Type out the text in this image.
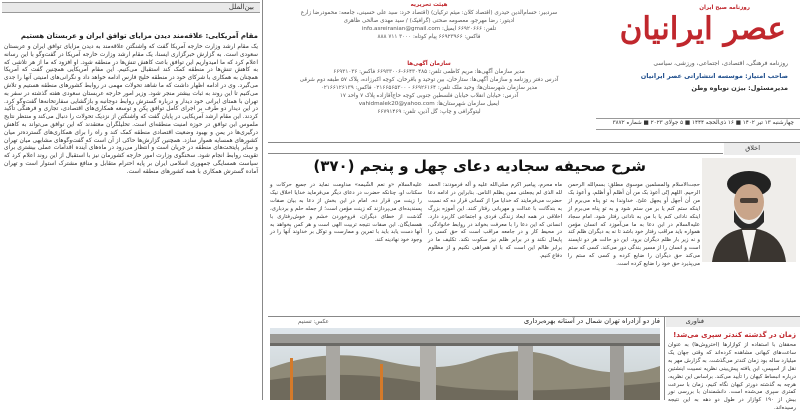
بین‌الملل
مقام آمریکایی: علاقه‌مند دیدن مزایای توافق ایران و عربستان هستیم
یک مقام ارشد وزارت خارجه آمریکا گفت که واشنگتن علاقه‌مند به دیدن مزایای توافق ایران و عربستان سعودی است. به گزارش خبرگزاری ایسنا، یک مقام ارشد وزارت خارجه آمریکا در گفت‌وگو با این رسانه اعلام کرد که ما امیدواریم این توافق باعث کاهش تنش‌ها در منطقه شود. او افزود که ما از هر تلاشی که به کاهش تنش‌ها در منطقه کمک کند استقبال می‌کنیم. این مقام آمریکایی همچنین گفت که آمریکا همچنان به همکاری با شرکای خود در منطقه خلیج فارس ادامه خواهد داد و نگرانی‌های امنیتی آنها را جدی می‌گیرد. وی در ادامه اظهار داشت که ما شاهد تحولات مهمی در روابط کشورهای منطقه هستیم و تلاش می‌کنیم تا این روند به ثبات بیشتر منجر شود. وزیر امور خارجه عربستان سعودی هفته گذشته در سفر به تهران با همتای ایرانی خود دیدار و درباره گسترش روابط دوجانبه و بازگشایی سفارتخانه‌ها گفت‌وگو کرد. در این دیدار دو طرف بر اجرای کامل توافق پکن و توسعه همکاری‌های اقتصادی، تجاری و فرهنگی تأکید کردند. این مقام ارشد آمریکایی در پایان گفت که واشنگتن از نزدیک تحولات را دنبال می‌کند و منتظر نتایج ملموس این توافق در حوزه امنیت منطقه‌ای است. تحلیلگران معتقدند که این توافق می‌تواند به کاهش درگیری‌ها در یمن و بهبود وضعیت اقتصادی منطقه کمک کند و راه را برای همکاری‌های گسترده‌تر میان کشورهای همسایه هموار سازد. همچنین گزارش‌ها حاکی از آن است که گفت‌وگوهای مشابهی میان تهران و سایر پایتخت‌های منطقه در جریان است و انتظار می‌رود در ماه‌های آینده اقدامات عملی بیشتری برای تقویت روابط انجام شود. سخنگوی وزارت امور خارجه کشورمان نیز با استقبال از این روند اعلام کرد که سیاست همسایگی جمهوری اسلامی ایران بر پایه احترام متقابل و منافع مشترک استوار است و تهران آماده گسترش همکاری با همه کشورهای منطقه است.
هیئت تحریریه
سردبیر: حسام‌الدین حیدری (اقتصاد کلان: میثم ترکیان) (اقتصاد خرد: سید علی حسینی، جامعه: محمودرضا زارع
ادیتور: رضا مهرجو، معصومه صحتی (گرافیک) / سید مهدی صالحی ظاهری
تلفن: ۶۶۹۲۰۶۶۶ ایمیل: info.asreiranian@gmail.com
فاکس: ۶۶۹۲۳۹۶۶ پیام کوتاه: ۳۰۰۰ ۷۱۱ ۸۸۸
سازمان آگهی‌ها
مدیر سازمان آگهی‌ها: مریم کاظمی تلفن: ۶۶۴۳۰۴۸۵-۶۶۹۳۳۰۰۶ فاکس: ۶۶۹۳۱۰۳۶
آدرس دفتر روزنامه و سازمان آگهی‌ها: ستارخان، بین توحید و باقرخان، کوچه اکبرزاده، پلاک ۵۷ طبقه دوم شرقی
مدیر سازمان شهرستان‌ها: وحید ملک تلفن: ۶۶۹۲۶۱۶۴ - ۰۲۱۶۶۵۶۵۳۰۰ فاکس: ۰۲۱۶۶۱۲۶۱۳۹
آدرس: خیابان انقلاب خیابان فلسطین جنوبی کوچه حاج‌آقازاده پلاک ۷ واحد ۱۷
ایمیل سازمان شهرستان‌ها: vahidmalek20@yahoo.com
لیتوگرافی و چاپ: گل آذین، تلفن: ۶۶۷۹۱۴۶۹
روزنامه صبح ایران
عصر ایرانیان
روزنامه فرهنگی، اقتصادی، اجتماعی، ورزشی، سیاسی
صاحب امتیاز: موسسه انتشاراتی عصر ایرانیان
مدیرمسئول: بیژن نوباوه وطن
چهارشنبه ۱۳ تیر ۱۴۰۲ ■ ۱۶ ذی‌الحجه ۱۴۴۴ ■ ۵ جولای ۲۰۲۳ ■ شماره ۳۸۷۲
اخلاق
شرح صحیفه سجادیه دعای چهل و پنجم (۳۷۰)
حجت‌الاسلام والمسلمین موسوی مطلق: بسم‌الله الرحمن الرحیم. اللهم إنّی أعوذ بک من أن أظلم أو أظلم، و أعوذ بک من أن أجهل أو یجهل علیّ. خداوندا به تو پناه می‌برم از اینکه ستم کنم یا بر من ستم شود و به تو پناه می‌برم از اینکه نادانی کنم یا با من به نادانی رفتار شود. امام سجاد علیه‌السلام در این دعا به ما می‌آموزد که انسان مؤمن همواره باید مراقب رفتار خود باشد تا نه به دیگران ظلم کند و نه زیر بار ظلم دیگران برود. این دو حالت هر دو ناپسند است و انسان را از مسیر بندگی دور می‌کند. کسی که ستم می‌کند حق دیگران را ضایع کرده و کسی که ستم را می‌پذیرد حق خود را ضایع کرده است.
ماه محرم، پیامبر اکرم صلی‌الله علیه و آله فرمودند: الحمد لله الذی لم یجعلنی ممن یظلم الناس. بنابراین در ادامه دعا حضرت می‌فرمایند که خدایا مرا از کسانی قرار ده که نسبت به بندگانت با عدالت و مهربانی رفتار کنند. این آموزه بزرگ اخلاقی در همه ابعاد زندگی فردی و اجتماعی کاربرد دارد. انسانی که این دعا را با معرفت بخواند در روابط خانوادگی، در محیط کار و در جامعه مراقب است که حق کسی را پایمال نکند و در برابر ظلم نیز سکوت نکند. تکلیف ما در برابر ظالم این است که با او همراهی نکنیم و از مظلوم دفاع کنیم.
علیه‌السلام «و نعم الشّیمه» مداومت نماید در جمیع حرکات و سکنات او، چنانکه حضرت در دعای دیگر می‌فرماید خدایا اخلاق نیک را زینت من قرار ده. امام در این بخش از دعا به بیان صفات پسندیده‌ای می‌پردازند که زینت مؤمن است؛ از جمله حلم و بردباری، گذشت از خطای دیگران، فروخوردن خشم و خوش‌رفتاری با همسایگان. این صفات نتیجه تربیت الهی است و هر کس بخواهد به آنها دست یابد باید با تمرین و ممارست و توکل بر خداوند آنها را در وجود خود نهادینه کند.
فناوری
زمان در گذشته کندتر سپری می‌شد!
محققان با استفاده از کوازارها (اختروش‌ها) به عنوان ساعت‌های کیهانی مشاهده کرده‌اند که وقتی جهان یک میلیارد ساله بود زمان کندتر می‌گذشت. به گزارش مهر به نقل از اسپیس، این یافته پیش‌بینی نظریه نسبیت اینشتین درباره انبساط کیهان را تأیید می‌کند. براساس این نظریه، هرچه به گذشته دورتر کیهان نگاه کنیم، زمان با سرعت کمتری سپری می‌شده است. دانشمندان با بررسی نور بیش از ۱۹۰ کوازار در طول دو دهه به این نتیجه رسیده‌اند.
عکس: تسنیم	فاز دو آزادراه تهران شمال در آستانه بهره‌برداری
